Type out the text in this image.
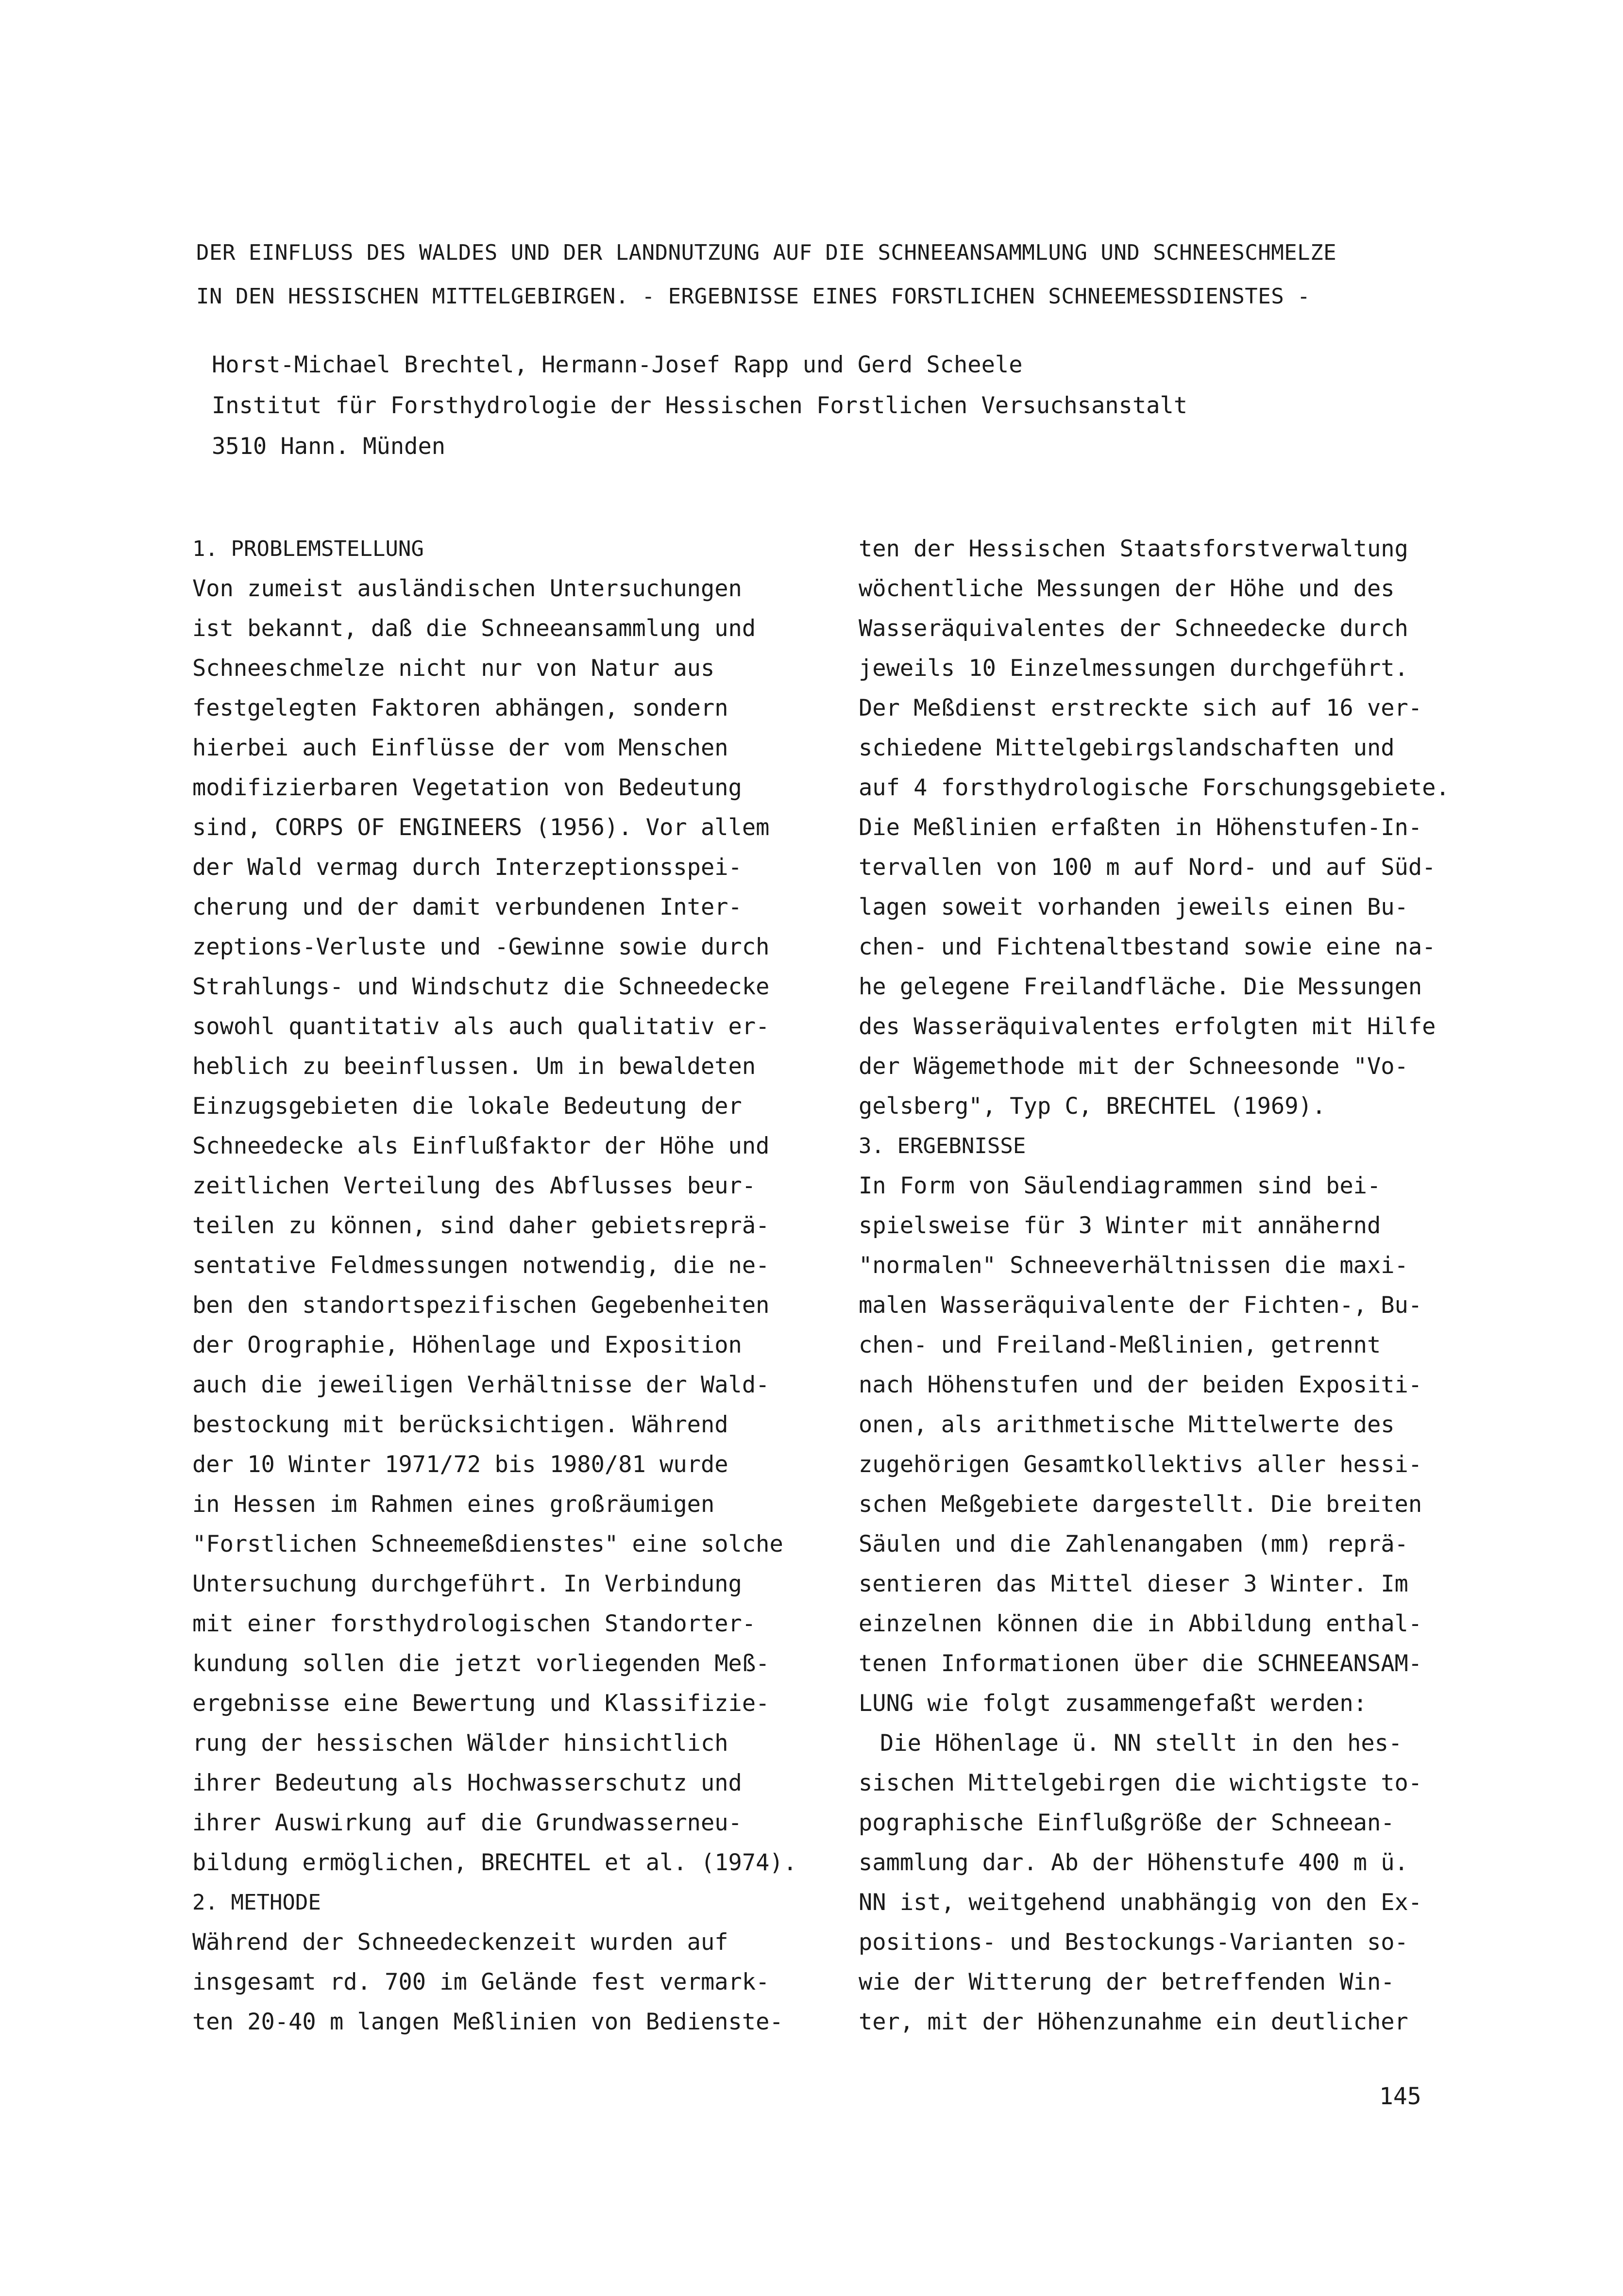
DER EINFLUSS DES WALDES UND DER LANDNUTZUNG AUF DIE SCHNEEANSAMMLUNG UND SCHNEESCHMELZE
IN DEN HESSISCHEN MITTELGEBIRGEN. - ERGEBNISSE EINES FORSTLICHEN SCHNEEMESSDIENSTES -
Horst-Michael Brechtel, Hermann-Josef Rapp und Gerd Scheele
Institut für Forsthydrologie der Hessischen Forstlichen Versuchsanstalt
3510 Hann. Münden
1. PROBLEMSTELLUNG
Von zumeist ausländischen Untersuchungen
ist bekannt, daß die Schneeansammlung und
Schneeschmelze nicht nur von Natur aus
festgelegten Faktoren abhängen, sondern
hierbei auch Einflüsse der vom Menschen
modifizierbaren Vegetation von Bedeutung
sind, CORPS OF ENGINEERS (1956). Vor allem
der Wald vermag durch Interzeptionsspei-
cherung und der damit verbundenen Inter-
zeptions-Verluste und -Gewinne sowie durch
Strahlungs- und Windschutz die Schneedecke
sowohl quantitativ als auch qualitativ er-
heblich zu beeinflussen. Um in bewaldeten
Einzugsgebieten die lokale Bedeutung der
Schneedecke als Einflußfaktor der Höhe und
zeitlichen Verteilung des Abflusses beur-
teilen zu können, sind daher gebietsreprä-
sentative Feldmessungen notwendig, die ne-
ben den standortspezifischen Gegebenheiten
der Orographie, Höhenlage und Exposition
auch die jeweiligen Verhältnisse der Wald-
bestockung mit berücksichtigen. Während
der 10 Winter 1971/72 bis 1980/81 wurde
in Hessen im Rahmen eines großräumigen
"Forstlichen Schneemeßdienstes" eine solche
Untersuchung durchgeführt. In Verbindung
mit einer forsthydrologischen Standorter-
kundung sollen die jetzt vorliegenden Meß-
ergebnisse eine Bewertung und Klassifizie-
rung der hessischen Wälder hinsichtlich
ihrer Bedeutung als Hochwasserschutz und
ihrer Auswirkung auf die Grundwasserneu-
bildung ermöglichen, BRECHTEL et al. (1974).
2. METHODE
Während der Schneedeckenzeit wurden auf
insgesamt rd. 700 im Gelände fest vermark-
ten 20-40 m langen Meßlinien von Bedienste-
ten der Hessischen Staatsforstverwaltung
wöchentliche Messungen der Höhe und des
Wasseräquivalentes der Schneedecke durch
jeweils 10 Einzelmessungen durchgeführt.
Der Meßdienst erstreckte sich auf 16 ver-
schiedene Mittelgebirgslandschaften und
auf 4 forsthydrologische Forschungsgebiete.
Die Meßlinien erfaßten in Höhenstufen-In-
tervallen von 100 m auf Nord- und auf Süd-
lagen soweit vorhanden jeweils einen Bu-
chen- und Fichtenaltbestand sowie eine na-
he gelegene Freilandfläche. Die Messungen
des Wasseräquivalentes erfolgten mit Hilfe
der Wägemethode mit der Schneesonde "Vo-
gelsberg", Typ C, BRECHTEL (1969).
3. ERGEBNISSE
In Form von Säulendiagrammen sind bei-
spielsweise für 3 Winter mit annähernd
"normalen" Schneeverhältnissen die maxi-
malen Wasseräquivalente der Fichten-, Bu-
chen- und Freiland-Meßlinien, getrennt
nach Höhenstufen und der beiden Expositi-
onen, als arithmetische Mittelwerte des
zugehörigen Gesamtkollektivs aller hessi-
schen Meßgebiete dargestellt. Die breiten
Säulen und die Zahlenangaben (mm) reprä-
sentieren das Mittel dieser 3 Winter. Im
einzelnen können die in Abbildung enthal-
tenen Informationen über die SCHNEEANSAM-
LUNG wie folgt zusammengefaßt werden:
Die Höhenlage ü. NN stellt in den hes-
sischen Mittelgebirgen die wichtigste to-
pographische Einflußgröße der Schneean-
sammlung dar. Ab der Höhenstufe 400 m ü.
NN ist, weitgehend unabhängig von den Ex-
positions- und Bestockungs-Varianten so-
wie der Witterung der betreffenden Win-
ter, mit der Höhenzunahme ein deutlicher
145
